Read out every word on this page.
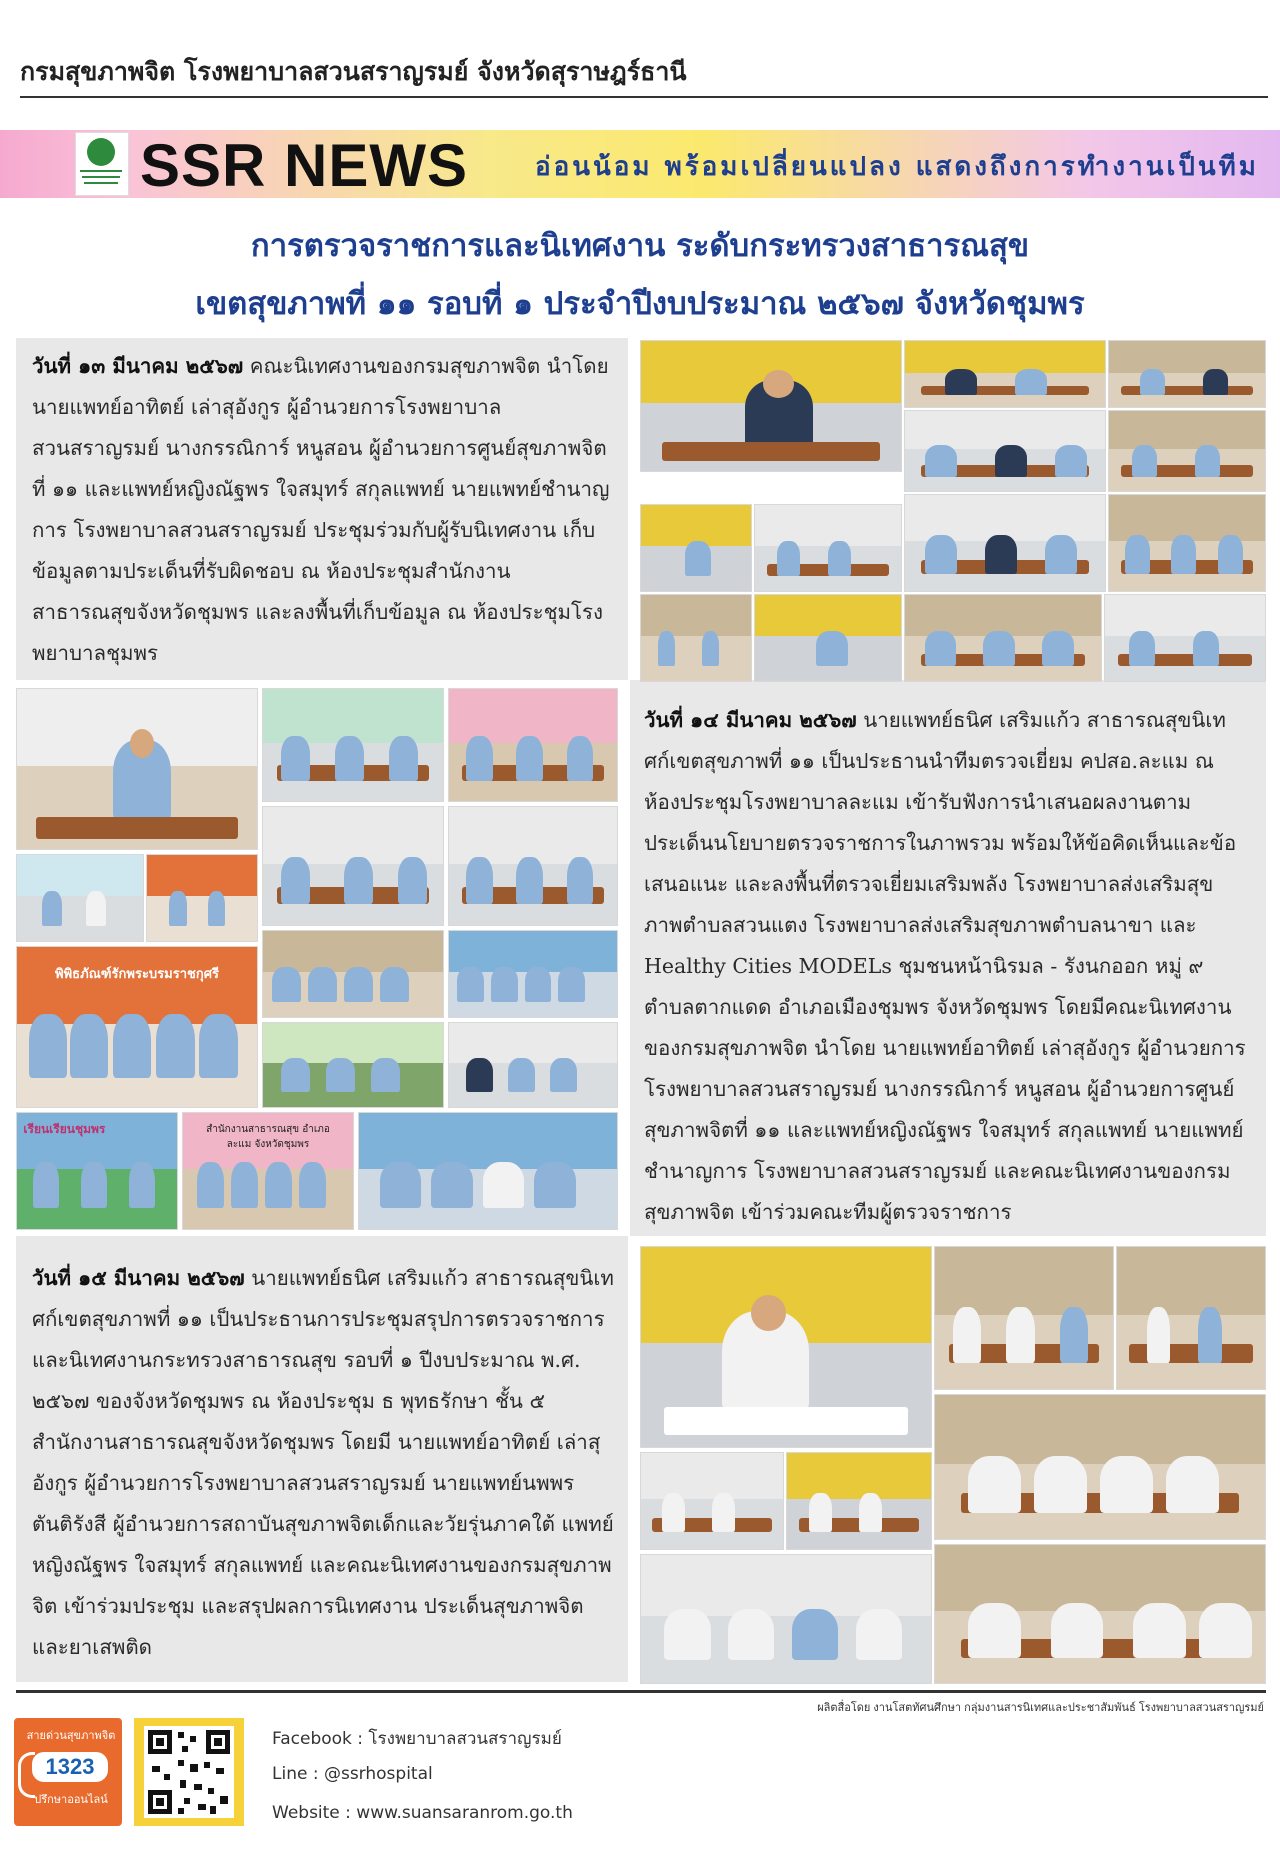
กรมสุขภาพจิต โรงพยาบาลสวนสราญรมย์ จังหวัดสุราษฎร์ธานี
SSR NEWS	อ่อนน้อม พร้อมเปลี่ยนแปลง แสดงถึงการทำงานเป็นทีม
การตรวจราชการและนิเทศงาน ระดับกระทรวงสาธารณสุข
เขตสุขภาพที่ ๑๑ รอบที่ ๑ ประจำปีงบประมาณ ๒๕๖๗ จังหวัดชุมพร
วันที่ ๑๓ มีนาคม ๒๕๖๗ คณะนิเทศงานของกรมสุขภาพจิต นำโดย นายแพทย์อาทิตย์ เล่าสุอังกูร ผู้อำนวยการโรงพยาบาลสวนสราญรมย์ นางกรรณิการ์ หนูสอน ผู้อำนวยการศูนย์สุขภาพจิตที่ ๑๑ และแพทย์หญิงณัฐพร ใจสมุทร์ สกุลแพทย์ นายแพทย์ชำนาญการ โรงพยาบาลสวนสราญรมย์ ประชุมร่วมกับผู้รับนิเทศงาน เก็บข้อมูลตามประเด็นที่รับผิดชอบ ณ ห้องประชุมสำนักงาน สาธารณสุขจังหวัดชุมพร และลงพื้นที่เก็บข้อมูล ณ ห้องประชุมโรงพยาบาลชุมพร
วันที่ ๑๔ มีนาคม ๒๕๖๗ นายแพทย์ธนิศ เสริมแก้ว สาธารณสุขนิเทศก์เขตสุขภาพที่ ๑๑ เป็นประธานนำทีมตรวจเยี่ยม คปสอ.ละแม ณ ห้องประชุมโรงพยาบาลละแม เข้ารับฟังการนำเสนอผลงานตาม ประเด็นนโยบายตรวจราชการในภาพรวม พร้อมให้ข้อคิดเห็นและข้อเสนอแนะ และลงพื้นที่ตรวจเยี่ยมเสริมพลัง โรงพยาบาลส่งเสริมสุขภาพตำบลสวนแตง โรงพยาบาลส่งเสริมสุขภาพตำบลนาขา และ Healthy Cities MODELs ชุมชนหน้านิรมล - รังนกออก หมู่ ๙ ตำบลตากแดด อำเภอเมืองชุมพร จังหวัดชุมพร โดยมีคณะนิเทศงานของกรมสุขภาพจิต นำโดย นายแพทย์อาทิตย์ เล่าสุอังกูร ผู้อำนวยการโรงพยาบาลสวนสราญรมย์ นางกรรณิการ์ หนูสอน ผู้อำนวยการศูนย์สุขภาพจิตที่ ๑๑ และแพทย์หญิงณัฐพร ใจสมุทร์ สกุลแพทย์ นายแพทย์ชำนาญการ โรงพยาบาลสวนสราญรมย์ และคณะนิเทศงานของกรมสุขภาพจิต เข้าร่วมคณะทีมผู้ตรวจราชการ
วันที่ ๑๕ มีนาคม ๒๕๖๗ นายแพทย์ธนิศ เสริมแก้ว สาธารณสุขนิเทศก์เขตสุขภาพที่ ๑๑ เป็นประธานการประชุมสรุปการตรวจราชการและนิเทศงานกระทรวงสาธารณสุข รอบที่ ๑ ปีงบประมาณ พ.ศ. ๒๕๖๗ ของจังหวัดชุมพร ณ ห้องประชุม ธ พุทธรักษา ชั้น ๕ สำนักงานสาธารณสุขจังหวัดชุมพร โดยมี นายแพทย์อาทิตย์ เล่าสุอังกูร ผู้อำนวยการโรงพยาบาลสวนสราญรมย์ นายแพทย์นพพร ตันติรังสี ผู้อำนวยการสถาบันสุขภาพจิตเด็กและวัยรุ่นภาคใต้ แพทย์หญิงณัฐพร ใจสมุทร์ สกุลแพทย์ และคณะนิเทศงานของกรมสุขภาพจิต เข้าร่วมประชุม และสรุปผลการนิเทศงาน ประเด็นสุขภาพจิตและยาเสพติด
พิพิธภัณฑ์รักพระบรมราชกุศรี
เรียนเรียนชุมพร	สำนักงานสาธารณสุข อำเภอละแม จังหวัดชุมพร
ผลิตสื่อโดย งานโสตทัศนศึกษา กลุ่มงานสารนิเทศและประชาสัมพันธ์ โรงพยาบาลสวนสราญรมย์
สายด่วนสุขภาพจิต
1323
ปรึกษาออนไลน์
Facebook : โรงพยาบาลสวนสราญรมย์
Line : @ssrhospital
Website : www.suansaranrom.go.th
